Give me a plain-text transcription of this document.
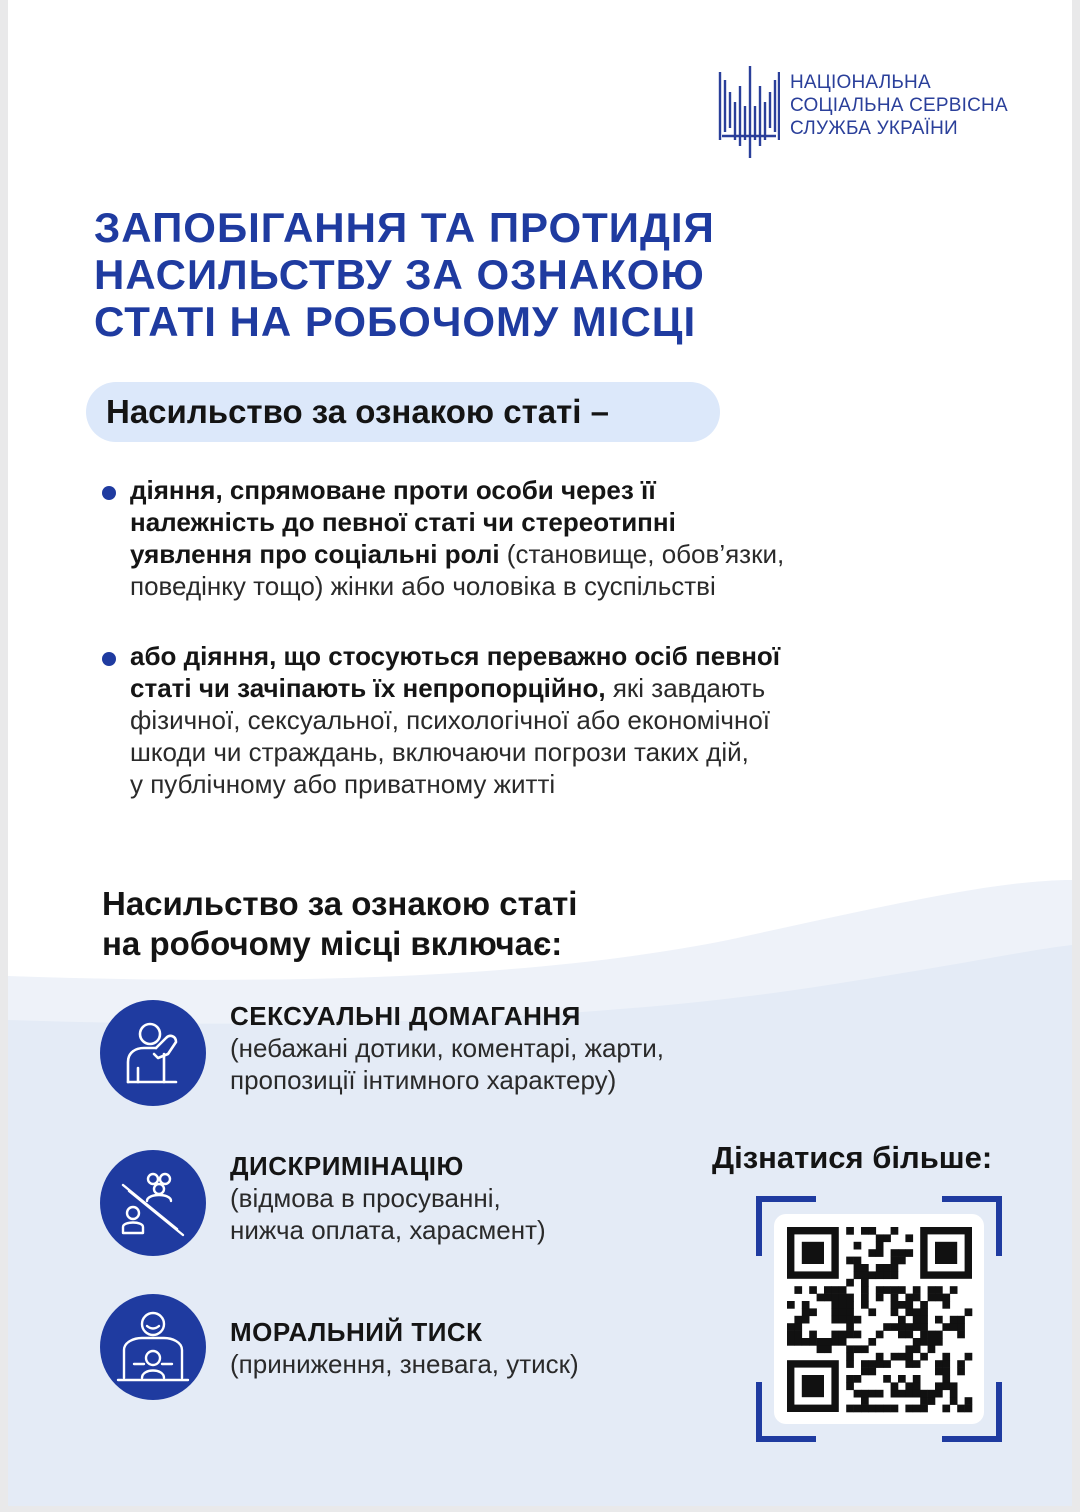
НАЦІОНАЛЬНА
СОЦІАЛЬНА СЕРВІСНА
СЛУЖБА УКРАЇНИ
ЗАПОБІГАННЯ ТА ПРОТИДІЯ
НАСИЛЬСТВУ ЗА ОЗНАКОЮ
СТАТІ НА РОБОЧОМУ МІСЦІ
Насильство за ознакою статі –
діяння, спрямоване проти особи через її
належність до певної статі чи стереотипні
уявлення про соціальні ролі (становище, обов’язки,
поведінку тощо) жінки або чоловіка в суспільстві
або діяння, що стосуються переважно осіб певної
статі чи зачіпають їх непропорційно, які завдають
фізичної, сексуальної, психологічної або економічної
шкоди чи страждань, включаючи погрози таких дій,
у публічному або приватному житті
Насильство за ознакою статі
на робочому місці включає:
СЕКСУАЛЬНІ ДОМАГАННЯ
(небажані дотики, коментарі, жарти,
пропозиції інтимного характеру)
ДИСКРИМІНАЦІЮ
(відмова в просуванні,
нижча оплата, харасмент)
МОРАЛЬНИЙ ТИСК
(приниження, зневага, утиск)
Дізнатися більше:
